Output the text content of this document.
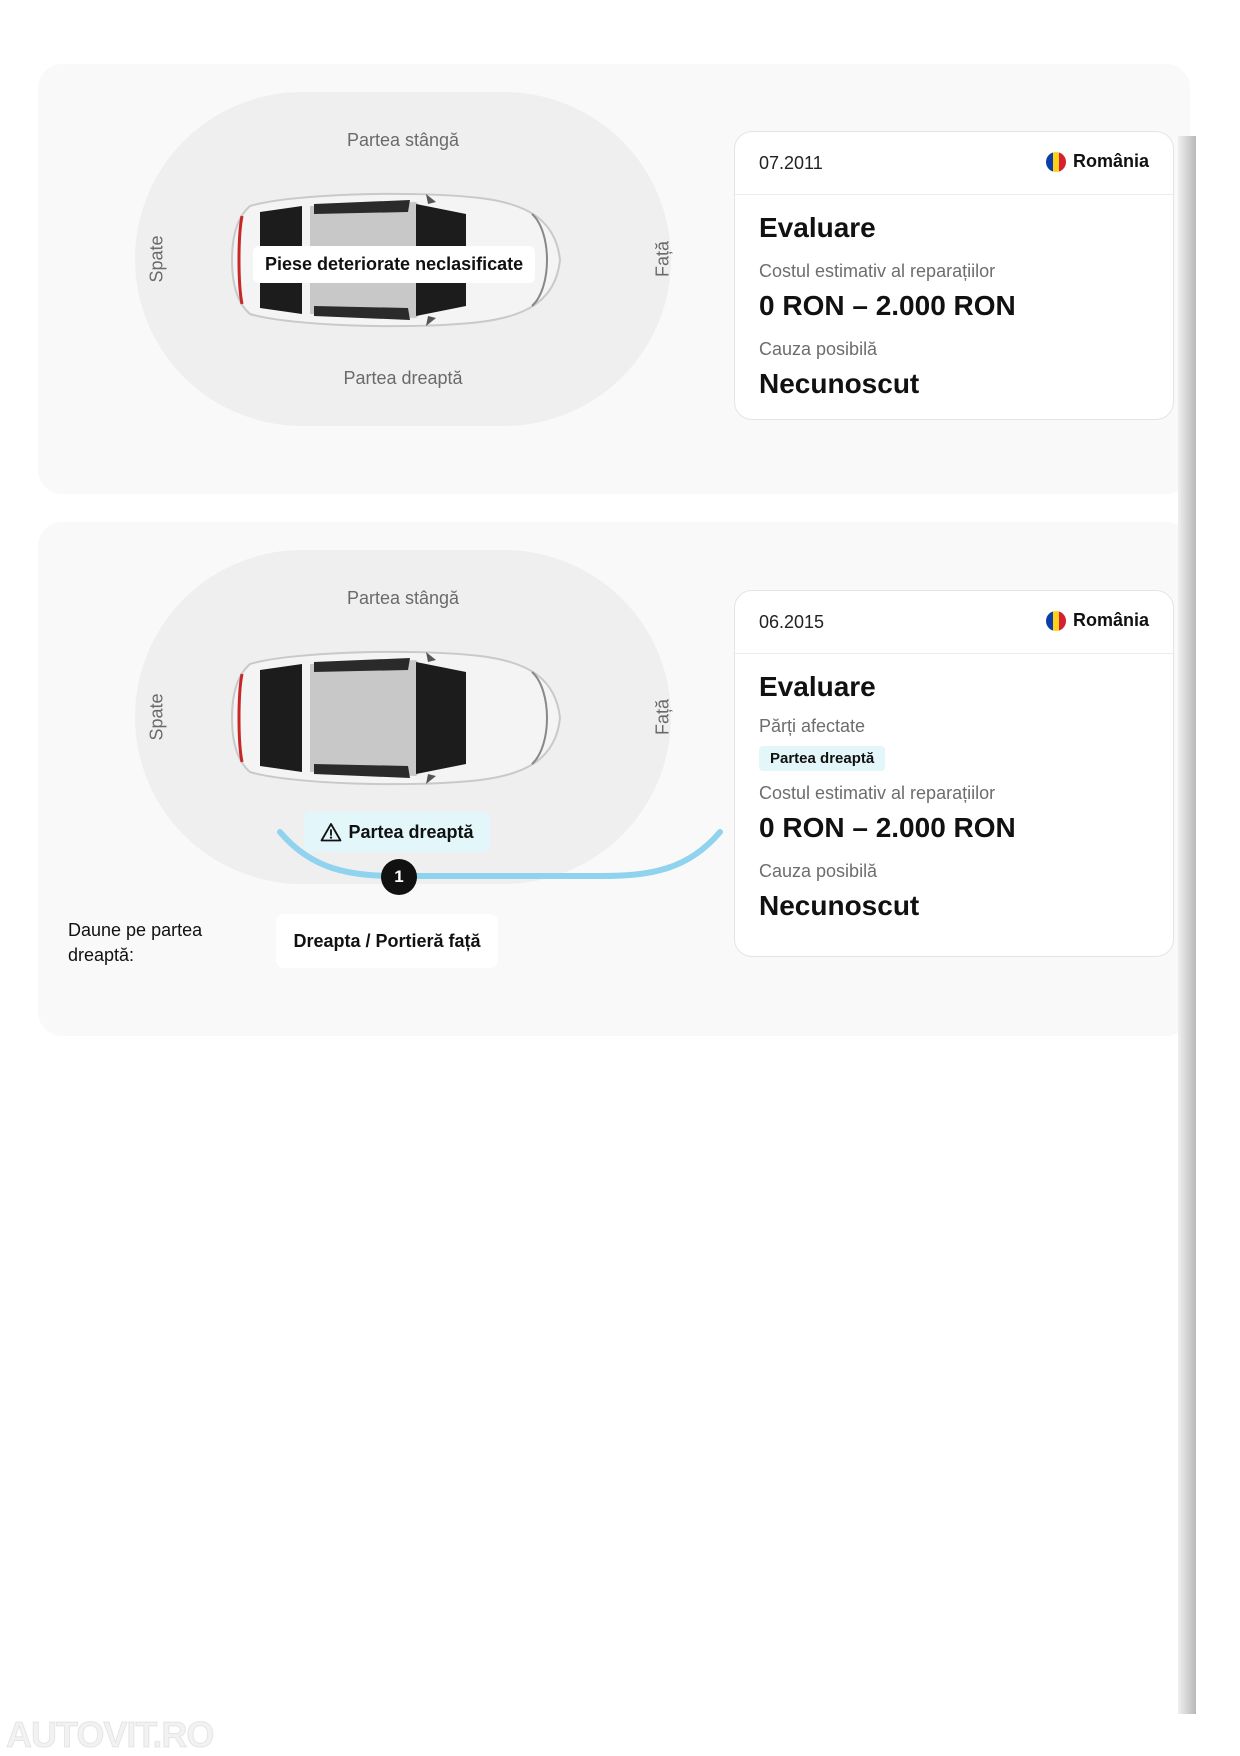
Partea stângă
Partea dreaptă
Spate	Față
Piese deteriorate neclasificate
07.2011	România
Evaluare
Costul estimativ al reparațiilor
0 RON – 2.000 RON
Cauza posibilă
Necunoscut
Partea stângă
Spate	Față
Partea dreaptă
1
Daune pe partea dreaptă:
Dreapta / Portieră față
06.2015	România
Evaluare
Părți afectate
Partea dreaptă
Costul estimativ al reparațiilor
0 RON – 2.000 RON
Cauza posibilă
Necunoscut
AUTOVIT.RO
